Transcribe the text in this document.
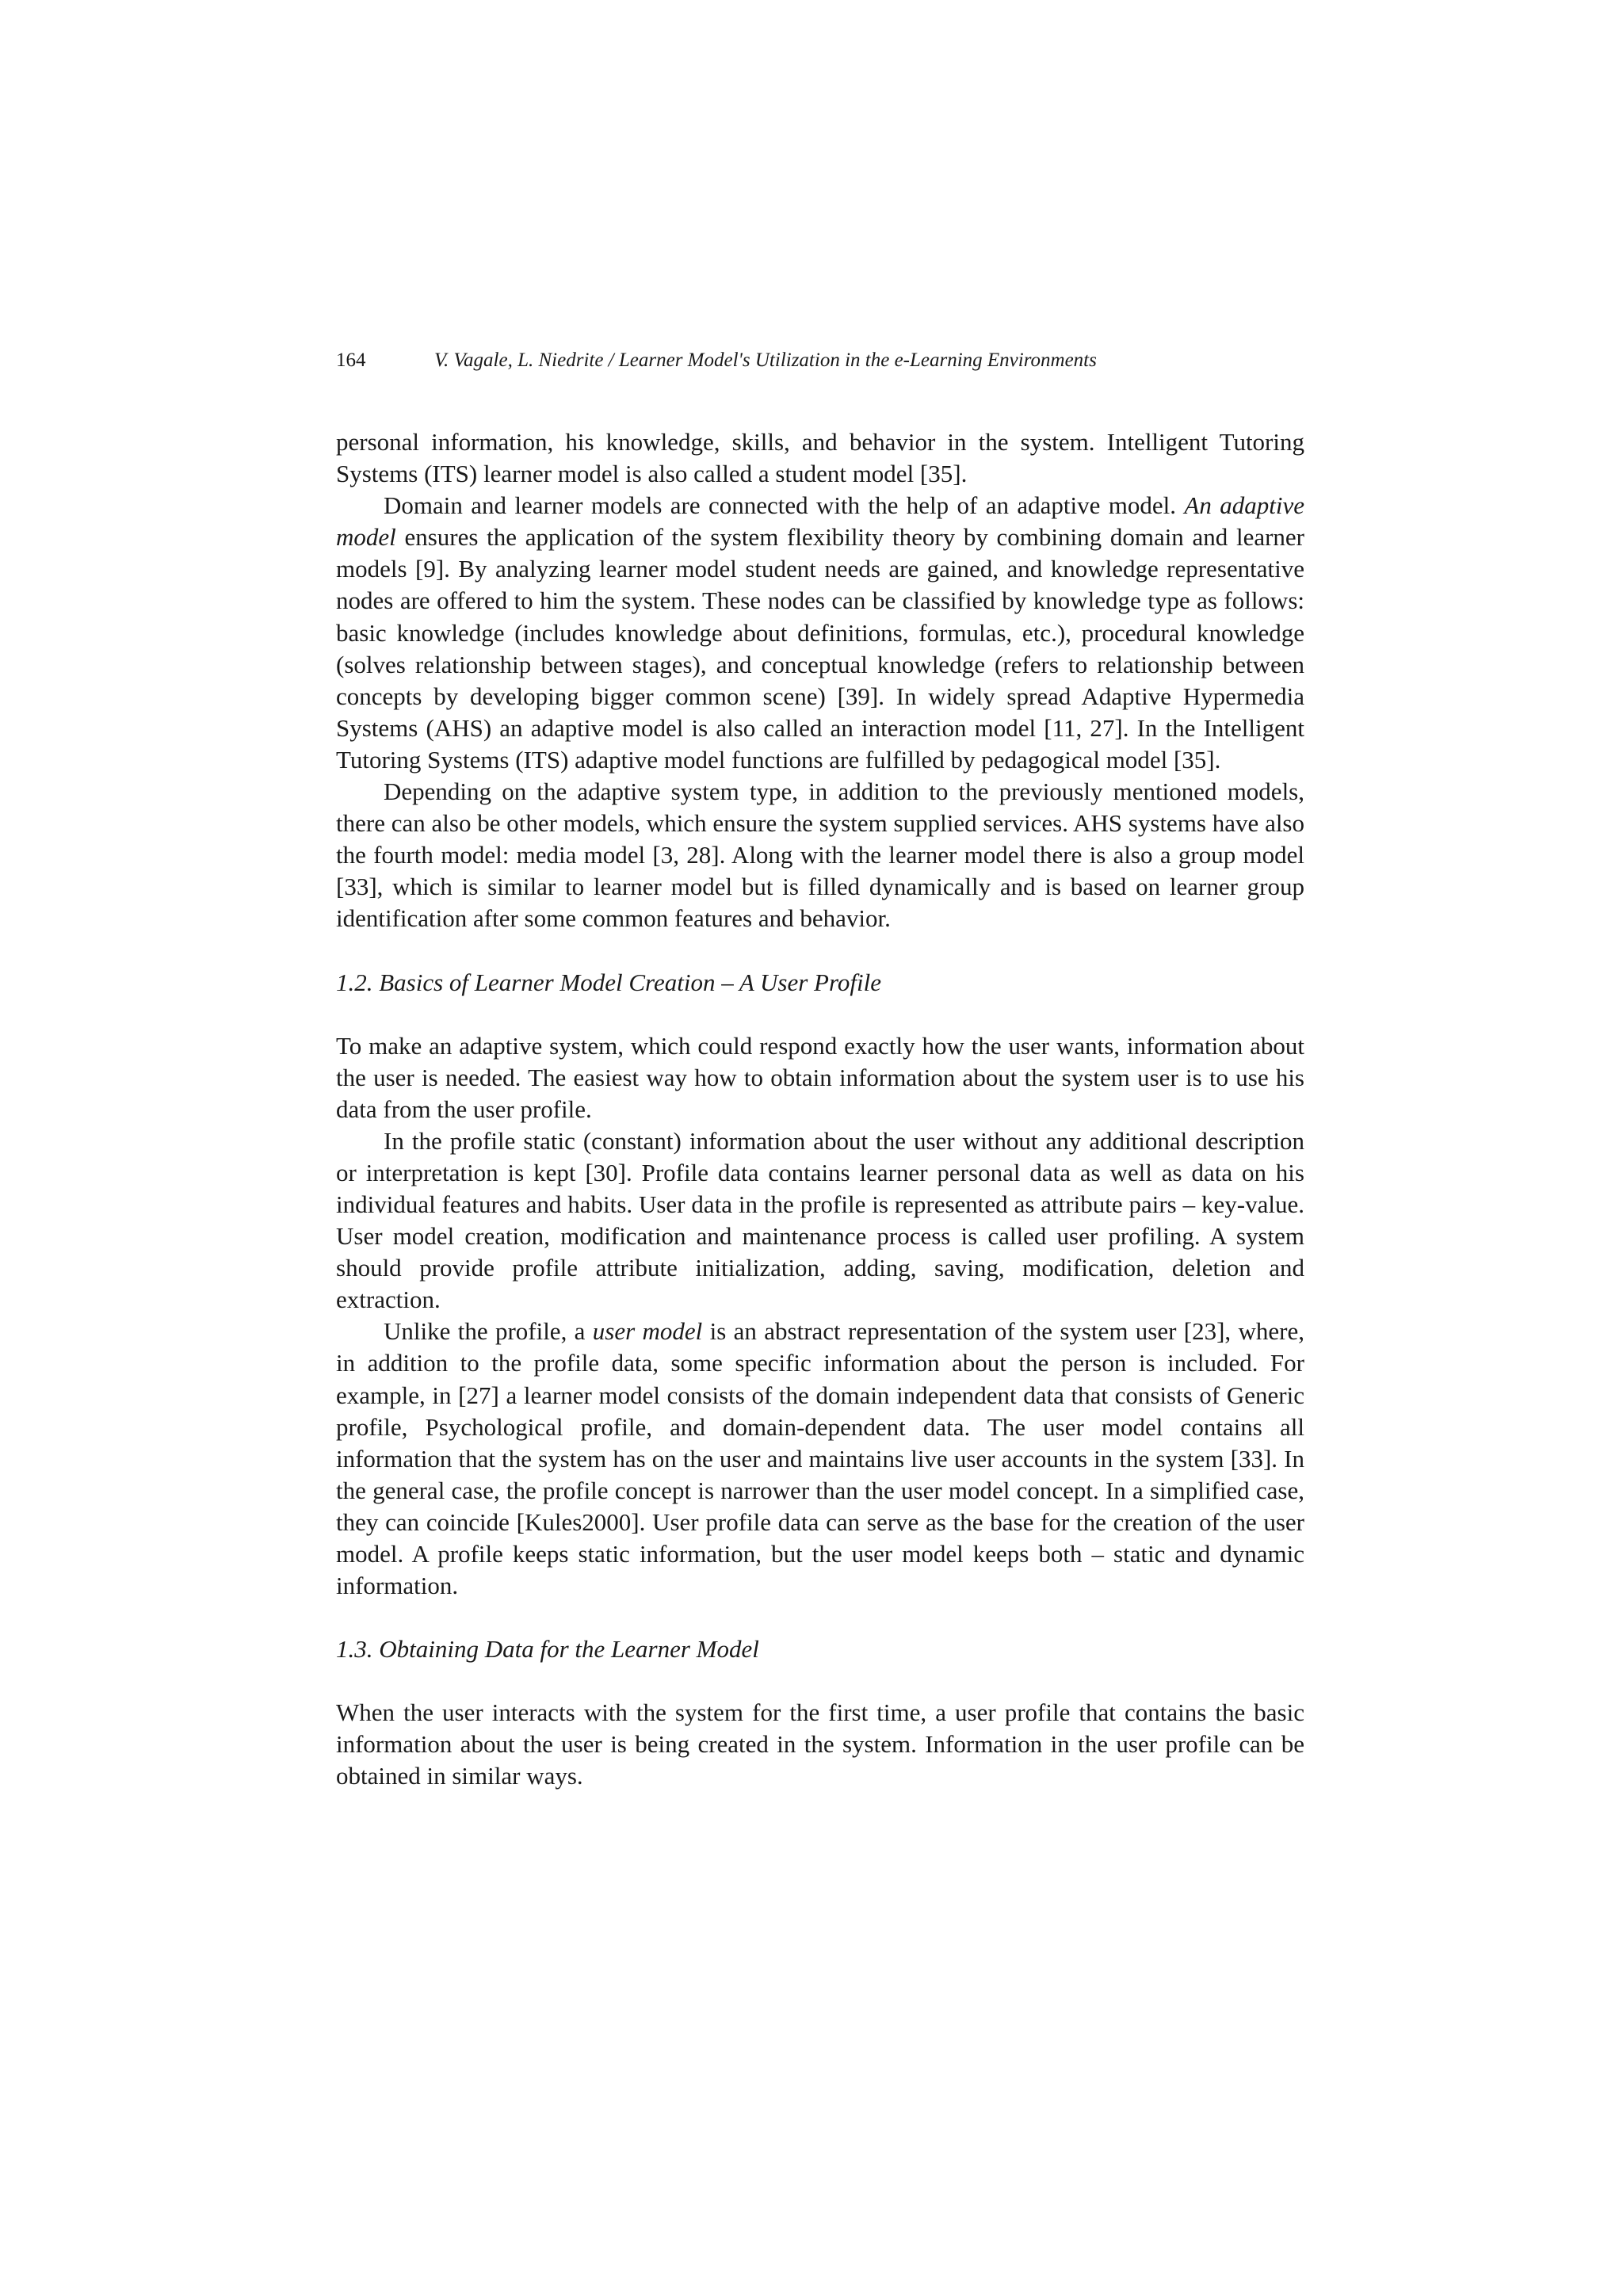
164	V. Vagale, L. Niedrite / Learner Model's Utilization in the e-Learning Environments

personal information, his knowledge, skills, and behavior in the system. Intelligent Tutoring Systems (ITS) learner model is also called a student model [35].

Domain and learner models are connected with the help of an adaptive model. An adaptive model ensures the application of the system flexibility theory by combining domain and learner models [9]. By analyzing learner model student needs are gained, and knowledge representative nodes are offered to him the system. These nodes can be classified by knowledge type as follows: basic knowledge (includes knowledge about definitions, formulas, etc.), procedural knowledge (solves relationship between stages), and conceptual knowledge (refers to relationship between concepts by developing bigger common scene) [39]. In widely spread Adaptive Hypermedia Systems (AHS) an adaptive model is also called an interaction model [11, 27]. In the Intelligent Tutoring Systems (ITS) adaptive model functions are fulfilled by pedagogical model [35].

Depending on the adaptive system type, in addition to the previously mentioned models, there can also be other models, which ensure the system supplied services. AHS systems have also the fourth model: media model [3, 28]. Along with the learner model there is also a group model [33], which is similar to learner model but is filled dynamically and is based on learner group identification after some common features and behavior.

1.2. Basics of Learner Model Creation – A User Profile

To make an adaptive system, which could respond exactly how the user wants, information about the user is needed. The easiest way how to obtain information about the system user is to use his data from the user profile.

In the profile static (constant) information about the user without any additional description or interpretation is kept [30]. Profile data contains learner personal data as well as data on his individual features and habits. User data in the profile is represented as attribute pairs – key-value. User model creation, modification and maintenance process is called user profiling. A system should provide profile attribute initialization, adding, saving, modification, deletion and extraction.

Unlike the profile, a user model is an abstract representation of the system user [23], where, in addition to the profile data, some specific information about the person is included. For example, in [27] a learner model consists of the domain independent data that consists of Generic profile, Psychological profile, and domain-dependent data. The user model contains all information that the system has on the user and maintains live user accounts in the system [33]. In the general case, the profile concept is narrower than the user model concept. In a simplified case, they can coincide [Kules2000]. User profile data can serve as the base for the creation of the user model. A profile keeps static information, but the user model keeps both – static and dynamic information.

1.3. Obtaining Data for the Learner Model

When the user interacts with the system for the first time, a user profile that contains the basic information about the user is being created in the system. Information in the user profile can be obtained in similar ways.
